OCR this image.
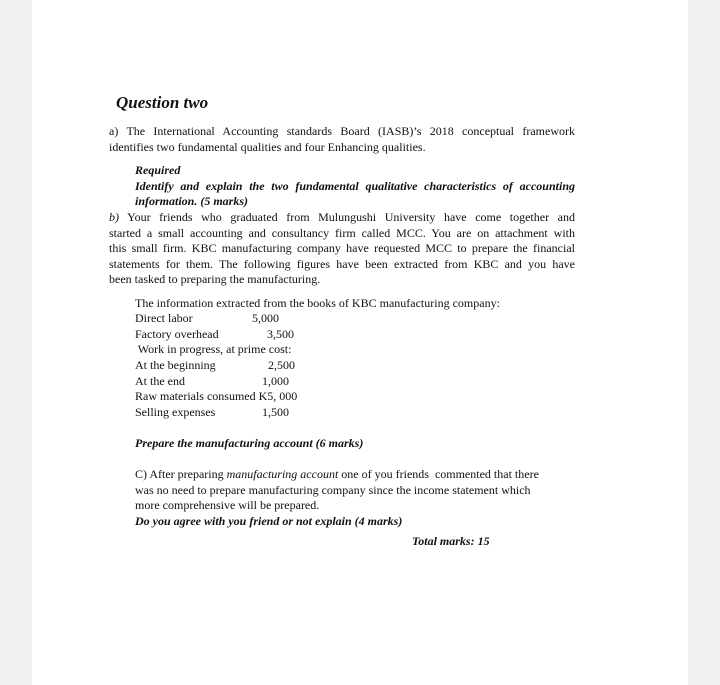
Question two
a) The International Accounting standards Board (IASB)’s 2018 conceptual framework
identifies two fundamental qualities and four Enhancing qualities.
Required
Identify and explain the two fundamental qualitative characteristics of accounting
information. (5 marks)
b) Your friends who graduated from Mulungushi University have come together and
started a small accounting and consultancy firm called MCC. You are on attachment with
this small firm. KBC manufacturing company have requested MCC to prepare the financial
statements for them. The following figures have been extracted from KBC and you have
been tasked to preparing the manufacturing.
The information extracted from the books of KBC manufacturing company:
Direct labor	5,000
Factory overhead	3,500
Work in progress, at prime cost:
At the beginning	2,500
At the end	1,000
Raw materials consumed K5, 000
Selling expenses	1,500
Prepare the manufacturing account (6 marks)
C) After preparing manufacturing account one of you friends  commented that there
was no need to prepare manufacturing company since the income statement which
more comprehensive will be prepared.
Do you agree with you friend or not explain (4 marks)
Total marks: 15
